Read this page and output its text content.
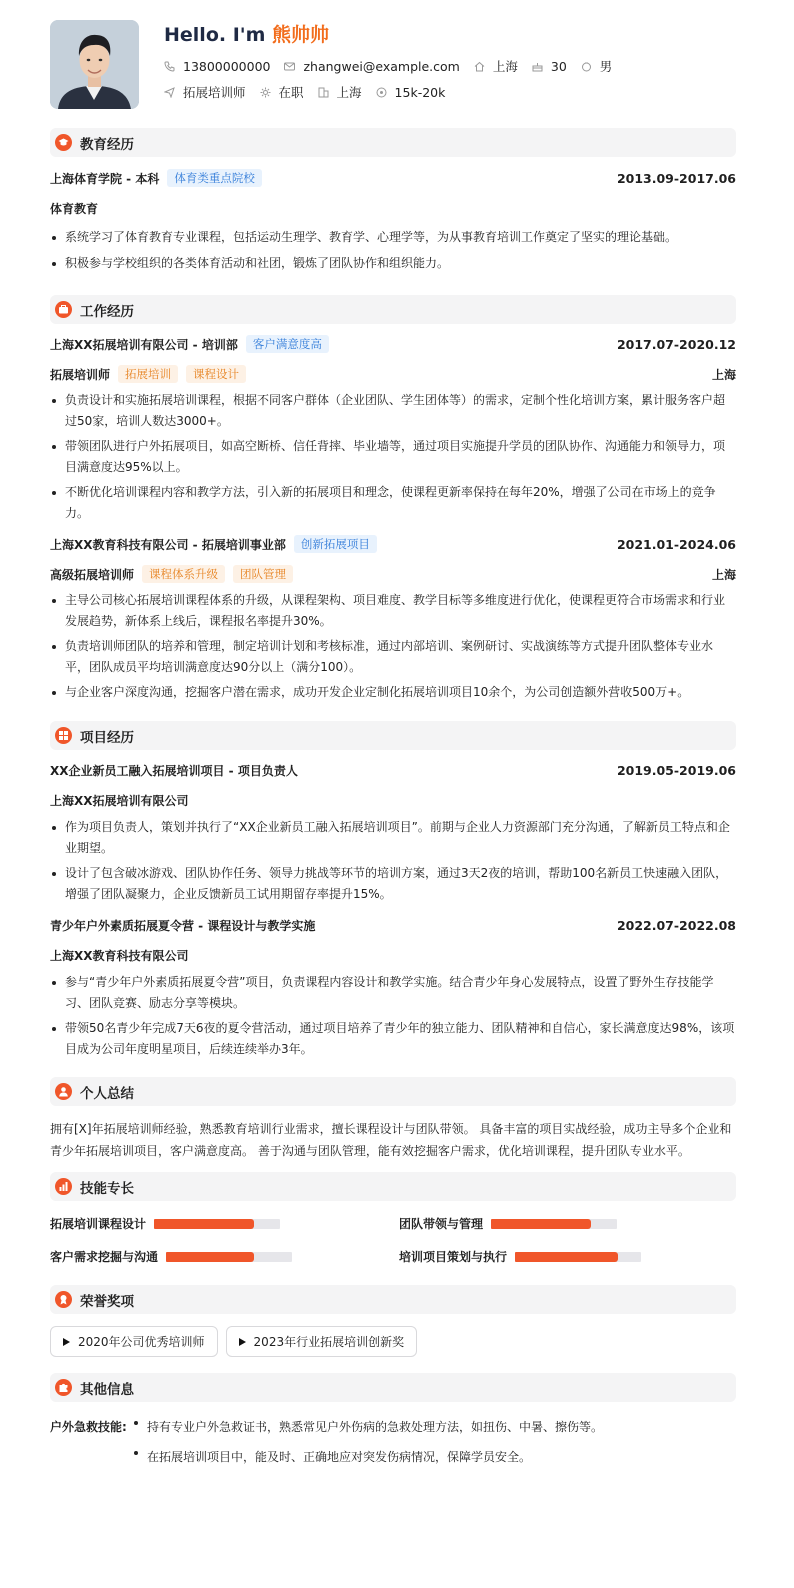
Hello. I'm 熊帅帅
13800000000	zhangwei@example.com	上海	30	男
拓展培训师	在职	上海	15k-20k
教育经历
上海体育学院 - 本科	体育类重点院校	2013.09-2017.06
体育教育
系统学习了体育教育专业课程，包括运动生理学、教育学、心理学等，为从事教育培训工作奠定了坚实的理论基础。
积极参与学校组织的各类体育活动和社团，锻炼了团队协作和组织能力。
工作经历
上海XX拓展培训有限公司 - 培训部	客户满意度高	2017.07-2020.12
拓展培训师	拓展培训	课程设计	上海
负责设计和实施拓展培训课程，根据不同客户群体（企业团队、学生团体等）的需求，定制个性化培训方案，累计服务客户超过50家，培训人数达3000+。
带领团队进行户外拓展项目，如高空断桥、信任背摔、毕业墙等，通过项目实施提升学员的团队协作、沟通能力和领导力，项目满意度达95%以上。
不断优化培训课程内容和教学方法，引入新的拓展项目和理念，使课程更新率保持在每年20%，增强了公司在市场上的竞争力。
上海XX教育科技有限公司 - 拓展培训事业部	创新拓展项目	2021.01-2024.06
高级拓展培训师	课程体系升级	团队管理	上海
主导公司核心拓展培训课程体系的升级，从课程架构、项目难度、教学目标等多维度进行优化，使课程更符合市场需求和行业发展趋势，新体系上线后，课程报名率提升30%。
负责培训师团队的培养和管理，制定培训计划和考核标准，通过内部培训、案例研讨、实战演练等方式提升团队整体专业水平，团队成员平均培训满意度达90分以上（满分100）。
与企业客户深度沟通，挖掘客户潜在需求，成功开发企业定制化拓展培训项目10余个，为公司创造额外营收500万+。
项目经历
XX企业新员工融入拓展培训项目 - 项目负责人	2019.05-2019.06
上海XX拓展培训有限公司
作为项目负责人，策划并执行了“XX企业新员工融入拓展培训项目”。前期与企业人力资源部门充分沟通，了解新员工特点和企业期望。
设计了包含破冰游戏、团队协作任务、领导力挑战等环节的培训方案，通过3天2夜的培训，帮助100名新员工快速融入团队，增强了团队凝聚力，企业反馈新员工试用期留存率提升15%。
青少年户外素质拓展夏令营 - 课程设计与教学实施	2022.07-2022.08
上海XX教育科技有限公司
参与“青少年户外素质拓展夏令营”项目，负责课程内容设计和教学实施。结合青少年身心发展特点，设置了野外生存技能学习、团队竞赛、励志分享等模块。
带领50名青少年完成7天6夜的夏令营活动，通过项目培养了青少年的独立能力、团队精神和自信心，家长满意度达98%，该项目成为公司年度明星项目，后续连续举办3年。
个人总结

拥有[X]年拓展培训师经验，熟悉教育培训行业需求，擅长课程设计与团队带领。 具备丰富的项目实战经验，成功主导多个企业和青少年拓展培训项目，客户满意度高。 善于沟通与团队管理，能有效挖掘客户需求，优化培训课程，提升团队专业水平。

技能专长
拓展培训课程设计	团队带领与管理
客户需求挖掘与沟通	培训项目策划与执行
荣誉奖项
2020年公司优秀培训师	2023年行业拓展培训创新奖
其他信息
户外急救技能:	持有专业户外急救证书，熟悉常见户外伤病的急救处理方法，如扭伤、中暑、擦伤等。
在拓展培训项目中，能及时、正确地应对突发伤病情况，保障学员安全。
